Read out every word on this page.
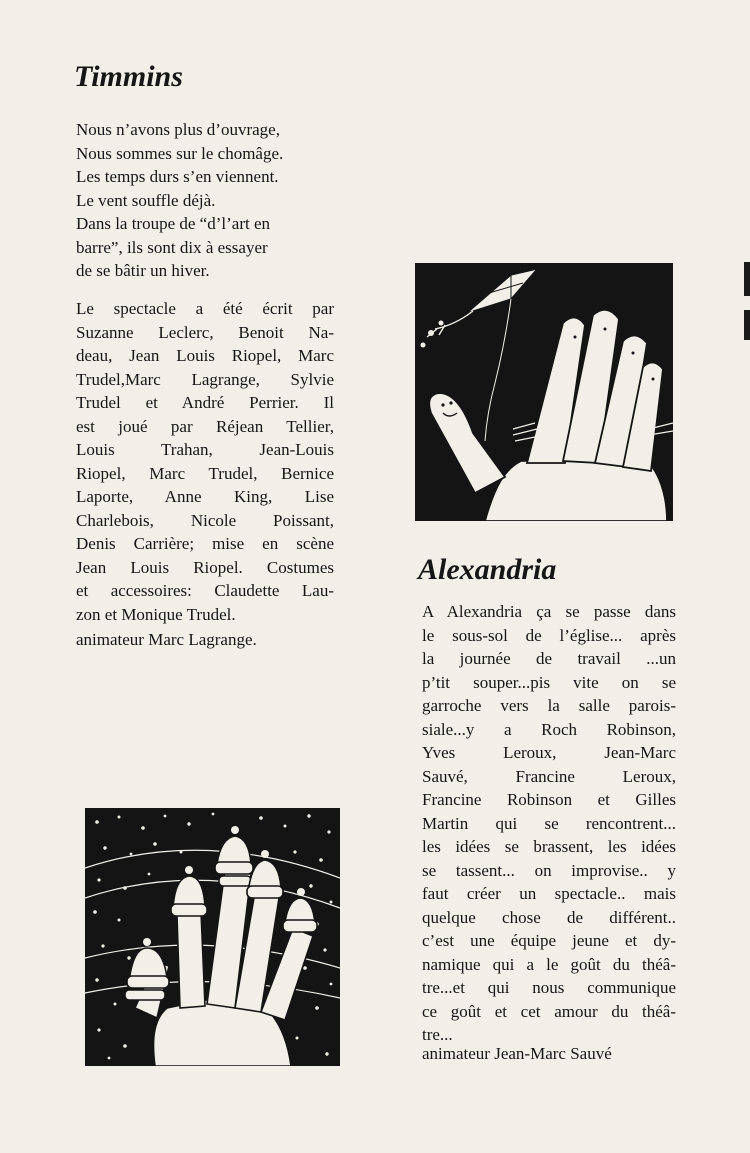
Timmins
Nous n’avons plus d’ouvrage,
Nous sommes sur le chomâge.
Les temps durs s’en viennent.
Le vent souffle déjà.
Dans la troupe de “d’l’art en
barre”, ils sont dix à essayer
de se bâtir un hiver.
Le spectacle a été écrit par
Suzanne Leclerc, Benoit Na-
deau, Jean Louis Riopel, Marc
Trudel,Marc Lagrange, Sylvie
Trudel et André Perrier. Il
est joué par Réjean Tellier,
Louis Trahan, Jean-Louis
Riopel, Marc Trudel, Bernice
Laporte, Anne King, Lise
Charlebois, Nicole Poissant,
Denis Carrière; mise en scène
Jean Louis Riopel. Costumes
et accessoires: Claudette Lau-
zon et Monique Trudel.
animateur Marc Lagrange.
Alexandria
A Alexandria ça se passe dans
le sous-sol de l’église... après
la journée de travail ...un
p’tit souper...pis vite on se
garroche vers la salle parois-
siale...y a Roch Robinson,
Yves Leroux, Jean-Marc
Sauvé, Francine Leroux,
Francine Robinson et Gilles
Martin qui se rencontrent...
les idées se brassent, les idées
se tassent... on improvise.. y
faut créer un spectacle.. mais
quelque chose de différent..
c’est une équipe jeune et dy-
namique qui a le goût du théâ-
tre...et qui nous communique
ce goût et cet amour du théâ-
tre...
animateur Jean-Marc Sauvé
